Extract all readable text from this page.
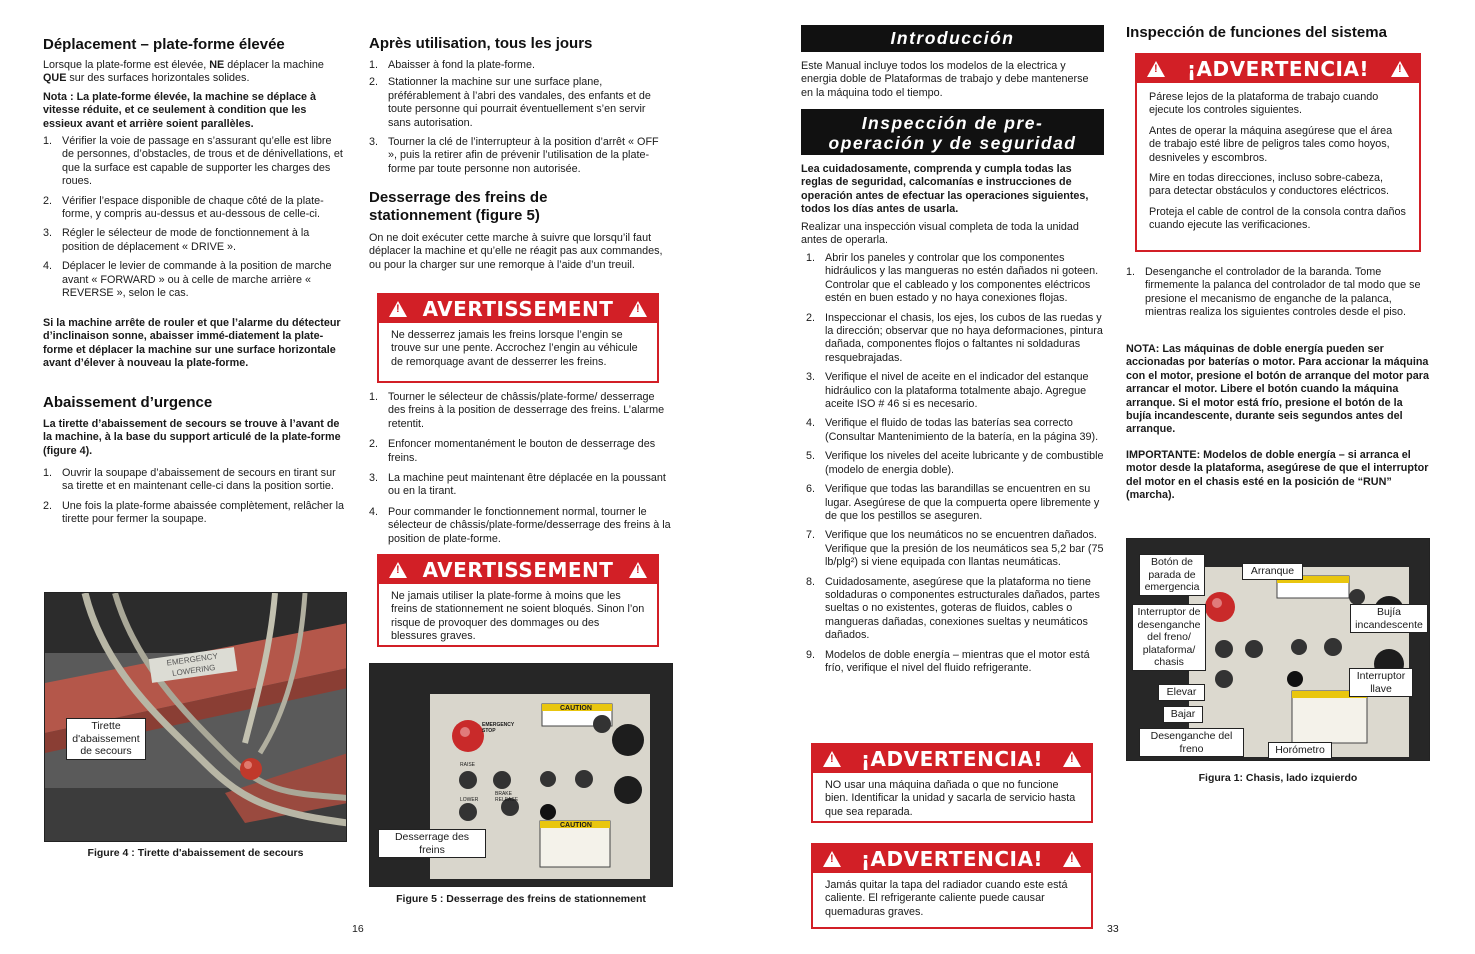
Déplacement – plate-forme élevée
Lorsque la plate-forme est élevée, NE déplacer la machine QUE sur des surfaces horizontales solides.
Nota : La plate-forme élevée, la machine se déplace à vitesse réduite, et ce seulement à condition que les essieux avant et arrière soient parallèles.
1. Vérifier la voie de passage en s’assurant qu’elle est libre de personnes, d’obstacles, de trous et de dénivellations, et que la surface est capable de supporter les charges des roues.
2. Vérifier l’espace disponible de chaque côté de la plate-forme, y compris au-dessus et au-dessous de celle-ci.
3. Régler le sélecteur de mode de fonctionnement à la position de déplacement « DRIVE ».
4. Déplacer le levier de commande à la position de marche avant « FORWARD » ou à celle de marche arrière « REVERSE », selon le cas.
Si la machine arrête de rouler et que l’alarme du détecteur d’inclinaison sonne, abaisser immé-diatement la plate-forme et déplacer la machine sur une surface horizontale avant d’élever à nouveau la plate-forme.
Abaissement d’urgence
La tirette d’abaissement de secours se trouve à l’avant de la machine, à la base du support articulé de la plate-forme (figure 4).
1. Ouvrir la soupape d’abaissement de secours en tirant sur sa tirette et en maintenant celle-ci dans la position sortie.
2. Une fois la plate-forme abaissée complètement, relâcher la tirette pour fermer la soupape.
EMERGENCY LOWERING
Tirette d'abaissement de secours
Figure 4 : Tirette d'abaissement de secours
Après utilisation, tous les jours
1. Abaisser à fond la plate-forme.
2. Stationner la machine sur une surface plane, préférablement à l’abri des vandales, des enfants et de toute personne qui pourrait éventuellement s’en servir sans autorisation.
3. Tourner la clé de l’interrupteur à la position d’arrêt « OFF », puis la retirer afin de prévenir l’utilisation de la plate-forme par toute personne non autorisée.
Desserrage des freins de stationnement (figure 5)
On ne doit exécuter cette marche à suivre que lorsqu’il faut déplacer la machine et qu’elle ne réagit pas aux commandes, ou pour la charger sur une remorque à l’aide d’un treuil.
1. Tourner le sélecteur de châssis/plate-forme/ desserrage des freins à la position de desserrage des freins. L’alarme retentit.
2. Enfoncer momentanément le bouton de desserrage des freins.
3. La machine peut maintenant être déplacée en la poussant ou en la tirant.
4. Pour commander le fonctionnement normal, tourner le sélecteur de châssis/plate-forme/desserrage des freins à la position de plate-forme.
!
AVERTISSEMENT
!
Ne desserrez jamais les freins lorsque l’engin se trouve sur une pente. Accrochez l’engin au véhicule de remorquage avant de desserrer les freins.
!
AVERTISSEMENT
!
Ne jamais utiliser la plate-forme à moins que les freins de stationnement ne soient bloqués. Sinon l’on risque de provoquer des dommages ou des blessures graves.
CAUTION
EMERGENCY STOP
RAISE
LOWER
BRAKE RELEASE
CAUTION
Desserrage des freins
Figure 5 : Desserrage des freins de stationnement
16
Introducción
Este Manual incluye todos los modelos de la electrica y energia doble de Plataformas de trabajo y debe mantenerse en la máquina todo el tiempo.
Inspección de pre-
operación y de seguridad
Lea cuidadosamente, comprenda y cumpla todas las reglas de seguridad, calcomanías e instrucciones de operación antes de efectuar las operaciones siguientes, todos los días antes de usarla.
Realizar una inspección visual completa de toda la unidad antes de operarla.
1. Abrir los paneles y controlar que los componentes hidráulicos y las mangueras no estén dañados ni goteen. Controlar que el cableado y los componentes eléctricos estén en buen estado y no haya conexiones flojas.
2. Inspeccionar el chasis, los ejes, los cubos de las ruedas y la dirección; observar que no haya deformaciones, pintura dañada, componentes flojos o faltantes ni soldaduras resquebrajadas.
3. Verifique el nivel de aceite en el indicador del estanque hidráulico con la plataforma totalmente abajo. Agregue aceite ISO # 46 si es necesario.
4. Verifique el fluido de todas las baterías sea correcto (Consultar Mantenimiento de la batería, en la página 39).
5. Verifique los niveles del aceite lubricante y de combustible (modelo de energia doble).
6. Verifique que todas las barandillas se encuentren en su lugar. Asegúrese de que la compuerta opere libremente y de que los pestillos se aseguren.
7. Verifique que los neumáticos no se encuentren dañados. Verifique que la presión de los neumáticos sea 5,2 bar (75 lb/plg²) si viene equipada con llantas neumáticas.
8. Cuidadosamente, asegúrese que la plataforma no tiene soldaduras o componentes estructurales dañados, partes sueltas o no existentes, goteras de fluidos, cables o mangueras dañadas, conexiones sueltas y neumáticos dañados.
9. Modelos de doble energía – mientras que el motor está frío, verifique el nivel del fluido refrigerante.
!
¡ADVERTENCIA!
!
NO usar una máquina dañada o que no funcione bien. Identificar la unidad y sacarla de servicio hasta que sea reparada.
!
¡ADVERTENCIA!
!
Jamás quitar la tapa del radiador cuando este está caliente. El refrigerante caliente puede causar quemaduras graves.
33
Inspección de funciones del sistema
!
¡ADVERTENCIA!
!

Párese lejos de la plataforma de trabajo cuando ejecute los controles siguientes.

Antes de operar la máquina asegúrese que el área de trabajo esté libre de peligros tales como hoyos, desniveles y escombros.

Mire en todas direcciones, incluso sobre-cabeza, para detectar obstáculos y conductores eléctricos.

Proteja el cable de control de la consola contra daños cuando ejecute las verificaciones.

1. Desenganche el controlador de la baranda. Tome firmemente la palanca del controlador de tal modo que se presione el mecanismo de enganche de la palanca, mientras realiza los siguientes controles desde el piso.
NOTA: Las máquinas de doble energía pueden ser accionadas por baterías o motor. Para accionar la máquina con el motor, presione el botón de arranque del motor para arrancar el motor. Libere el botón cuando la máquina arranque. Si el motor está frío, presione el botón de la bujía incandescente, durante seis segundos antes del arranque.
IMPORTANTE: Modelos de doble energía – si arranca el motor desde la plataforma, asegúrese de que el interruptor del motor en el chasis esté en la posición de “RUN” (marcha).
Botón de parada de emergencia
Arranque
Interruptor de desenganche del freno/ plataforma/ chasis
Bujía incandescente
Interruptor llave
Elevar
Bajar
Desenganche del freno	Horómetro
Figura 1: Chasis, lado izquierdo
